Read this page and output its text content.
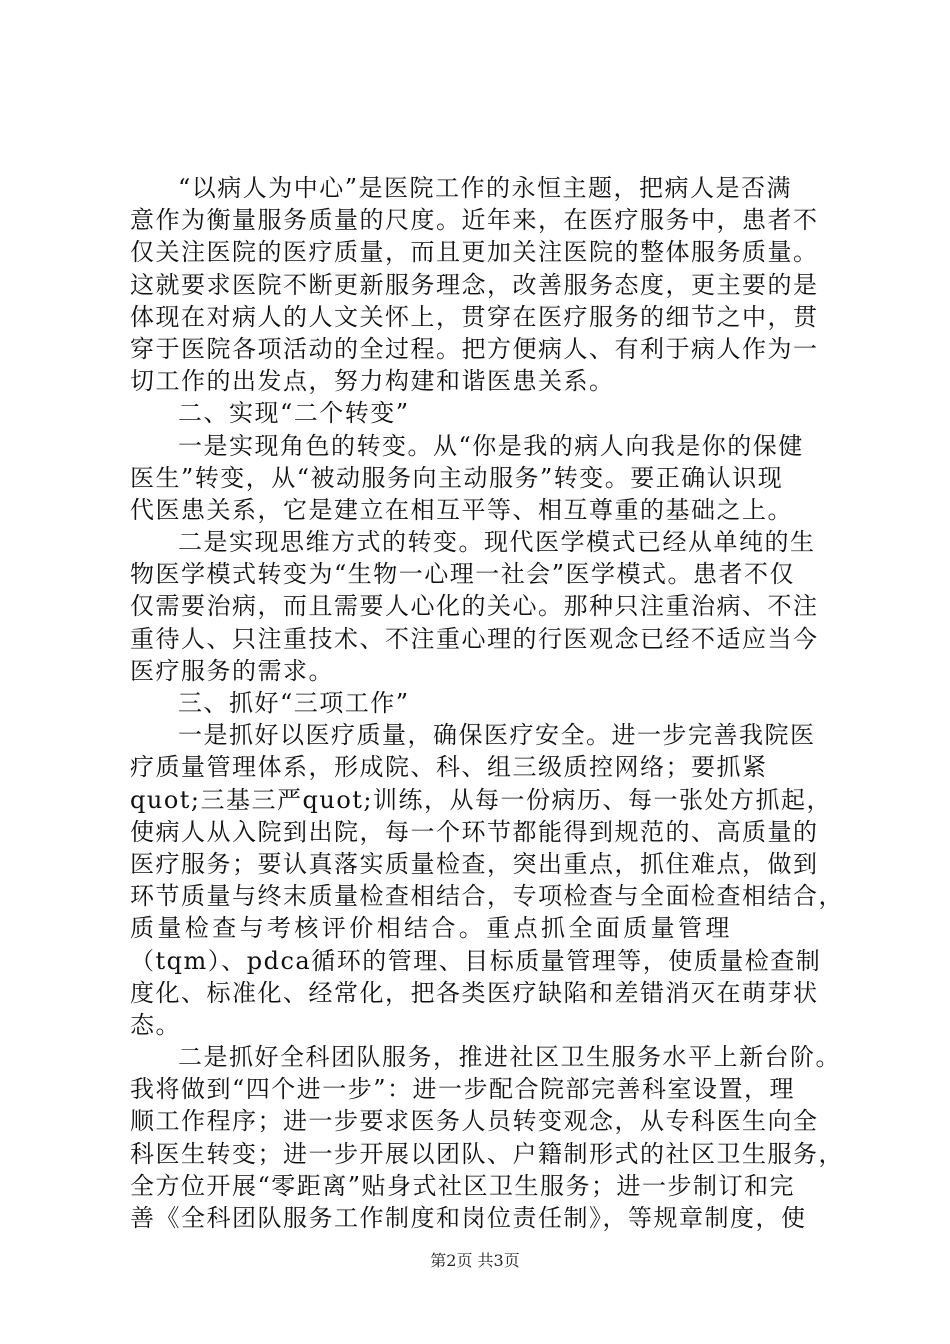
“以病人为中心”是医院工作的永恒主题，把病人是否满
意作为衡量服务质量的尺度。近年来，在医疗服务中，患者不
仅关注医院的医疗质量，而且更加关注医院的整体服务质量。
这就要求医院不断更新服务理念，改善服务态度，更主要的是
体现在对病人的人文关怀上，贯穿在医疗服务的细节之中，贯
穿于医院各项活动的全过程。把方便病人、有利于病人作为一
切工作的出发点，努力构建和谐医患关系。
二、实现“二个转变”
一是实现角色的转变。从“你是我的病人向我是你的保健
医生”转变，从“被动服务向主动服务”转变。要正确认识现
代医患关系，它是建立在相互平等、相互尊重的基础之上。
二是实现思维方式的转变。现代医学模式已经从单纯的生
物医学模式转变为“生物一心理一社会”医学模式。患者不仅
仅需要治病，而且需要人心化的关心。那种只注重治病、不注
重待人、只注重技术、不注重心理的行医观念已经不适应当今
医疗服务的需求。
三、抓好“三项工作”
一是抓好以医疗质量，确保医疗安全。进一步完善我院医
疗质量管理体系，形成院、科、组三级质控网络；要抓紧
quot;三基三严quot;训练，从每一份病历、每一张处方抓起，
使病人从入院到出院，每一个环节都能得到规范的、高质量的
医疗服务；要认真落实质量检查，突出重点，抓住难点，做到
环节质量与终末质量检查相结合，专项检查与全面检查相结合，
质量检查与考核评价相结合。重点抓全面质量管理
（tqm）、pdca循环的管理、目标质量管理等，使质量检查制
度化、标准化、经常化，把各类医疗缺陷和差错消灭在萌芽状
态。
二是抓好全科团队服务，推进社区卫生服务水平上新台阶。
我将做到“四个进一步”：进一步配合院部完善科室设置，理
顺工作程序；进一步要求医务人员转变观念，从专科医生向全
科医生转变；进一步开展以团队、户籍制形式的社区卫生服务，
全方位开展“零距离”贴身式社区卫生服务；进一步制订和完
善《全科团队服务工作制度和岗位责任制》，等规章制度，使
第2页 共3页
